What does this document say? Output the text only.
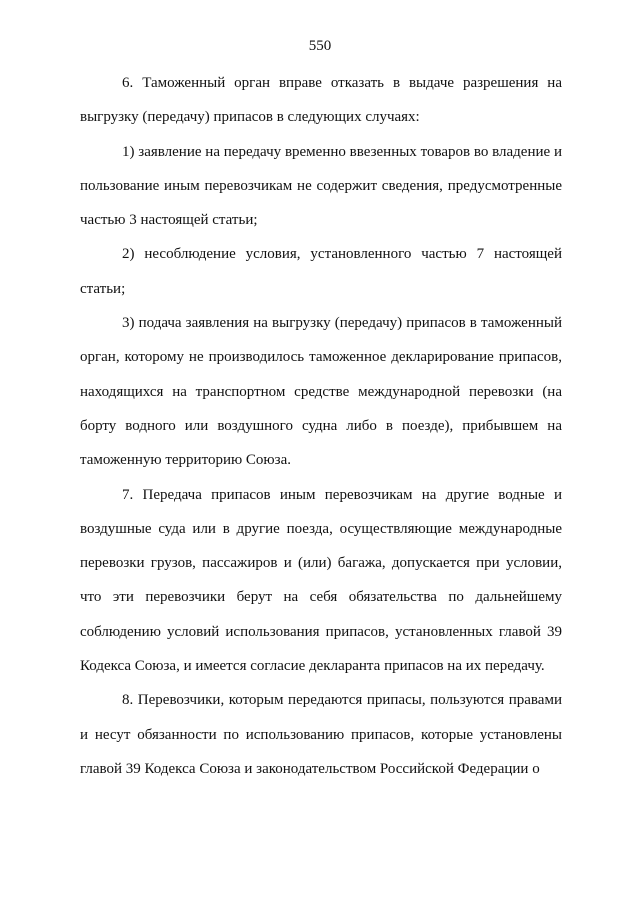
550

6. Таможенный орган вправе отказать в выдаче разрешения на выгрузку (передачу) припасов в следующих случаях:

1) заявление на передачу временно ввезенных товаров во владение и пользование иным перевозчикам не содержит сведения, предусмотренные частью 3 настоящей статьи;

2) несоблюдение условия, установленного частью 7 настоящей статьи;

3) подача заявления на выгрузку (передачу) припасов в таможенный орган, которому не производилось таможенное декларирование припасов, находящихся на транспортном средстве международной перевозки (на борту водного или воздушного судна либо в поезде), прибывшем на таможенную территорию Союза.

7. Передача припасов иным перевозчикам на другие водные и воздушные суда или в другие поезда, осуществляющие международные перевозки грузов, пассажиров и (или) багажа, допускается при условии, что эти перевозчики берут на себя обязательства по дальнейшему соблюдению условий использования припасов, установленных главой 39 Кодекса Союза, и имеется согласие декларанта припасов на их передачу.

8. Перевозчики, которым передаются припасы, пользуются правами и несут обязанности по использованию припасов, которые установлены главой 39 Кодекса Союза и законодательством Российской Федерации о
